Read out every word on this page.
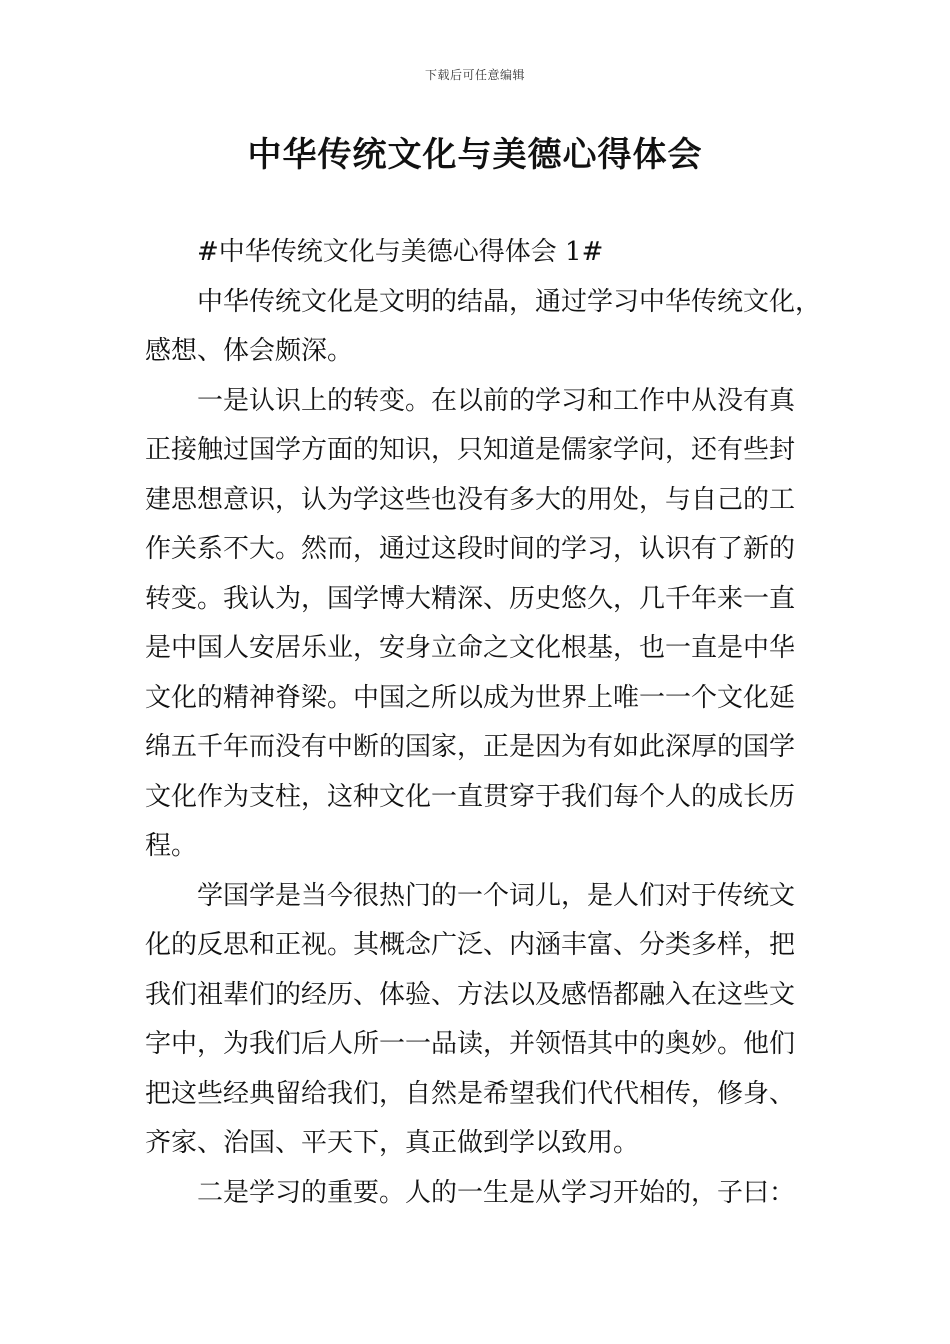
下载后可任意编辑
中华传统文化与美德心得体会

#中华传统文化与美德心得体会 1#

中华传统文化是文明的结晶，通过学习中华传统文化，
感想、体会颇深。

一是认识上的转变。在以前的学习和工作中从没有真
正接触过国学方面的知识，只知道是儒家学问，还有些封
建思想意识，认为学这些也没有多大的用处，与自己的工
作关系不大。然而，通过这段时间的学习，认识有了新的
转变。我认为，国学博大精深、历史悠久，几千年来一直
是中国人安居乐业，安身立命之文化根基，也一直是中华
文化的精神脊梁。中国之所以成为世界上唯一一个文化延
绵五千年而没有中断的国家，正是因为有如此深厚的国学
文化作为支柱，这种文化一直贯穿于我们每个人的成长历
程。

学国学是当今很热门的一个词儿，是人们对于传统文
化的反思和正视。其概念广泛、内涵丰富、分类多样，把
我们祖辈们的经历、体验、方法以及感悟都融入在这些文
字中，为我们后人所一一品读，并领悟其中的奥妙。他们
把这些经典留给我们，自然是希望我们代代相传，修身、
齐家、治国、平天下，真正做到学以致用。

二是学习的重要。人的一生是从学习开始的，子曰：
